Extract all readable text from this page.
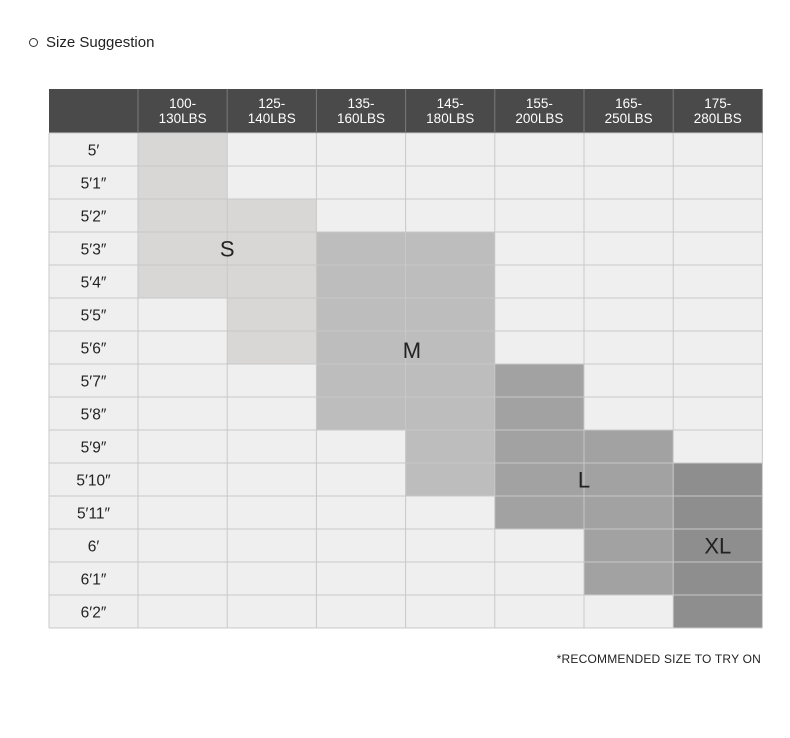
Size Suggestion
100-
130LBS
125-
140LBS
135-
160LBS
145-
180LBS
155-
200LBS
165-
250LBS
175-
280LBS
5′
5′1″
5′2″
5′3″
5′4″
5′5″
5′6″
5′7″
5′8″
5′9″
5′10″
5′11″
6′
6′1″
6′2″
S
M
L
XL
*RECOMMENDED SIZE TO TRY ON
